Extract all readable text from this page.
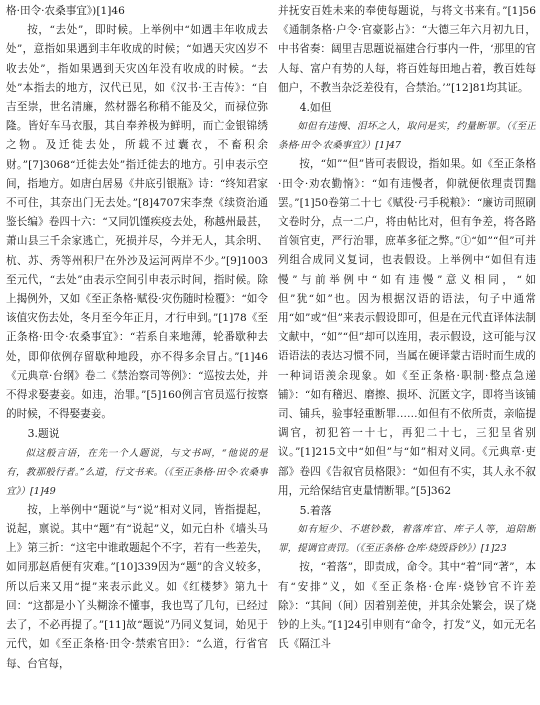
格·田令·农桑事宜》)[1]46

按，“去处”，即时候。上举例中“如遇丰年收成去处”，意指如果遇到丰年收成的时候；“如遇天灾凶岁不收去处”，指如果遇到天灾凶年没有收成的时候。“去处”本指去的地方，汉代已见，如《汉书·王吉传》：“自吉至崇，世名清廉，然材器名称稍不能及父，而禄位弥隆。皆好车马衣服，其自奉养极为鲜明，而亡金银锦绣之物。及迁徙去处，所载不过囊衣，不畜积余财。”[7]3068“迁徙去处”指迁徙去的地方。引申表示空间，指地方。如唐白居易《井底引银瓶》诗：“终知君家不可住，其奈出门无去处。”[8]4707宋李焘《续资治通鉴长编》卷四十六：“又同饥馑疾疫去处，称越州最甚，萧山县三千余家逃亡，死损并尽，今并无人，其余明、杭、苏、秀等州积尸在外沙及运河两岸不少。”[9]1003至元代，“去处”由表示空间引申表示时间，指时候。除上揭例外，又如《至正条格·赋役·灾伤随时检覆》：“如令该值灾伤去处，冬月至今年正月，才行申到。”[1]78《至正条格·田令·农桑事宜》：“若系自来地薄，轮番歇种去处，即仰依例存留歇种地段，亦不得多余冒占。”[1]46《元典章·台纲》卷二《禁治察司等例》：“巡按去处，并不得求娶妻妾。如违，治罪。”[5]160例言官员巡行按察的时候，不得娶妻妾。

3.题说

似这般言语，在先一个人题说，与文书呵，“他说的是有，教那般行者。”么道，行文书来。（《至正条格·田令·农桑事宜》）[1]49

按，上举例中“题说”与“说”相对义同，皆指提起，说起，禀说。其中“题”有“说起”义，如元白朴《墙头马上》第三折：“这宅中谁敢题起个不字，若有一些差失，如同那赵盾便有灾难。”[10]339因为“题”的含义较多，所以后来又用“提”来表示此义。如《红楼梦》第九十回：“这都是小丫头糊涂不懂事，我也骂了几句，已经过去了，不必再提了。”[11]故“题说”乃同义复词，始见于元代，如《至正条格·田令·禁索官田》：“么道，行省官每、台官每，

并抚安百姓未来的奉使每题说，与将文书来有。”[1]56《通制条格·户令·官豪影占》：“大德三年六月初九日，中书省奏：阔里吉思题说福建合行事内一件，‘那里的官人每、富户有势的人每，将百姓每田地占着，教百姓每佃户，不教当杂泛差役有，合禁治。’”[12]81均其证。

4.如但

如但有违慢、泪坏之人，取问是实，约量断罪。（《至正条格·田令·农桑事宜》）[1]47

按，“如”“但”皆可表假设，指如果。如《至正条格·田令·劝农勤惰》：“如有违慢者，仰就便依理责罚黜罢。”[1]50卷第二十七《赋役·弓手税粮》：“廉访司照刷文卷时分，点一二户，将由帖比对，但有争差，将各路首领官吏，严行治罪，庶革多征之弊。”①“如”“但”可并列组合成同义复词，也表假设。上举例中“如但有违慢”与前举例中“如有违慢”意义相同，“如但”犹“如”也。因为根据汉语的语法，句子中通常用“如”或“但”来表示假设即可，但是在元代直译体法制文献中，“如”“但”却可以连用，表示假设，这可能与汉语语法的表达习惯不同，当属在硬译蒙古语时而生成的一种词语羡余现象。如《至正条格·职制·整点急递铺》：“如有稽迟、磨擦、损坏、沉匿文字，即将当该铺司、铺兵，验事轻重断罪……如但有不依所责，亲临提调官，初犯笞一十七，再犯二十七，三犯呈省别议。”[1]215文中“如但”与“如”相对义同。《元典章·吏部》卷四《告叙官员格限》：“如但有不实，其人永不叙用，元给保结官吏量情断罪。”[5]362

5.着落

如有短少、不堪钞数，着落库官、库子人等，追陪断罪，提调官责罚。（《至正条格·仓库·烧毁昏钞》）[1]23

按，“着落”，即责成，命令。其中“着”同“著”，本有“安排”义，如《至正条格·仓库·烧钞官不许差除》：“其间（间）因着别差使，并其余处繁会，误了烧钞的上头。”[1]24引申则有“命令，打发”义，如元无名氏《隔江斗
